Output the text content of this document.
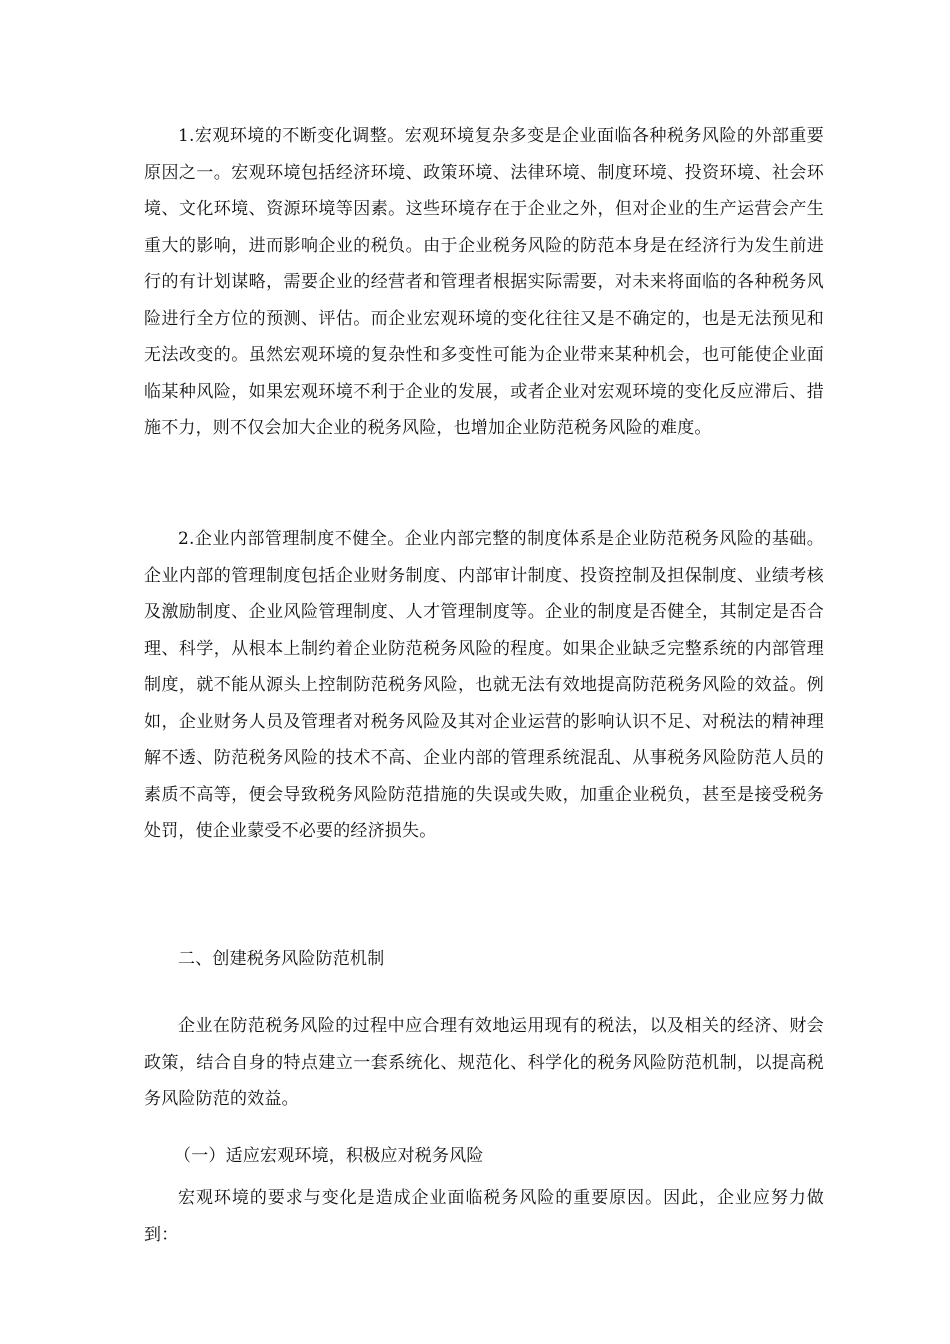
1.宏观环境的不断变化调整。宏观环境复杂多变是企业面临各种税务风险的外部重要原因之一。宏观环境包括经济环境、政策环境、法律环境、制度环境、投资环境、社会环境、文化环境、资源环境等因素。这些环境存在于企业之外，但对企业的生产运营会产生重大的影响，进而影响企业的税负。由于企业税务风险的防范本身是在经济行为发生前进行的有计划谋略，需要企业的经营者和管理者根据实际需要，对未来将面临的各种税务风险进行全方位的预测、评估。而企业宏观环境的变化往往又是不确定的，也是无法预见和无法改变的。虽然宏观环境的复杂性和多变性可能为企业带来某种机会，也可能使企业面临某种风险，如果宏观环境不利于企业的发展，或者企业对宏观环境的变化反应滞后、措施不力，则不仅会加大企业的税务风险，也增加企业防范税务风险的难度。

2.企业内部管理制度不健全。企业内部完整的制度体系是企业防范税务风险的基础。企业内部的管理制度包括企业财务制度、内部审计制度、投资控制及担保制度、业绩考核及激励制度、企业风险管理制度、人才管理制度等。企业的制度是否健全，其制定是否合理、科学，从根本上制约着企业防范税务风险的程度。如果企业缺乏完整系统的内部管理制度，就不能从源头上控制防范税务风险，也就无法有效地提高防范税务风险的效益。例如，企业财务人员及管理者对税务风险及其对企业运营的影响认识不足、对税法的精神理解不透、防范税务风险的技术不高、企业内部的管理系统混乱、从事税务风险防范人员的素质不高等，便会导致税务风险防范措施的失误或失败，加重企业税负，甚至是接受税务处罚，使企业蒙受不必要的经济损失。

二、创建税务风险防范机制

企业在防范税务风险的过程中应合理有效地运用现有的税法，以及相关的经济、财会政策，结合自身的特点建立一套系统化、规范化、科学化的税务风险防范机制，以提高税务风险防范的效益。

（一）适应宏观环境，积极应对税务风险

宏观环境的要求与变化是造成企业面临税务风险的重要原因。因此，企业应努力做到：
